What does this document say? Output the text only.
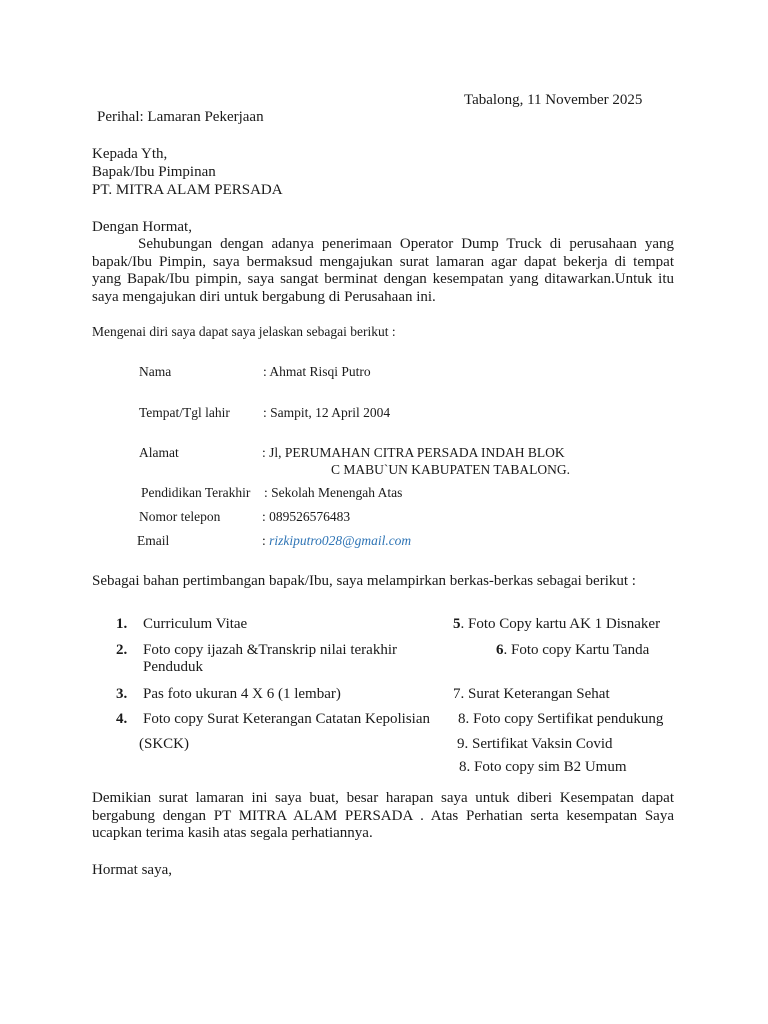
Tabalong, 11 November 2025
Perihal: Lamaran Pekerjaan
Kepada Yth,
Bapak/Ibu Pimpinan
PT. MITRA ALAM PERSADA
Dengan Hormat,
Sehubungan dengan adanya penerimaan Operator Dump Truck di perusahaan yang
bapak/Ibu Pimpin, saya bermaksud mengajukan surat lamaran agar dapat bekerja di tempat
yang Bapak/Ibu pimpin, saya sangat berminat dengan kesempatan yang ditawarkan.Untuk itu
saya mengajukan diri untuk bergabung di Perusahaan ini.
Mengenai diri saya dapat saya jelaskan sebagai berikut :
Nama	: Ahmat Risqi Putro
Tempat/Tgl lahir : Sampit, 12 April 2004
Alamat	: Jl, PERUMAHAN CITRA PERSADA INDAH BLOK
C MABU`UN KABUPATEN TABALONG.
Pendidikan Terakhir : Sekolah Menengah Atas
Nomor telepon	: 089526576483
Email	: rizkiputro028@gmail.com
Sebagai bahan pertimbangan bapak/Ibu, saya melampirkan berkas-berkas sebagai berikut :
1. Curriculum Vitae
2. Foto copy ijazah &Transkrip nilai terakhir
Penduduk
3. Pas foto ukuran 4 X 6 (1 lembar)
4. Foto copy Surat Keterangan Catatan Kepolisian
(SKCK)
5. Foto Copy kartu AK 1 Disnaker
6. Foto copy Kartu Tanda
7. Surat Keterangan Sehat
8. Foto copy Sertifikat pendukung
9. Sertifikat Vaksin Covid
8. Foto copy sim B2 Umum
Demikian surat lamaran ini saya buat, besar harapan saya untuk diberi Kesempatan dapat
bergabung dengan PT MITRA ALAM PERSADA . Atas Perhatian serta kesempatan Saya
ucapkan terima kasih atas segala perhatiannya.
Hormat saya,
